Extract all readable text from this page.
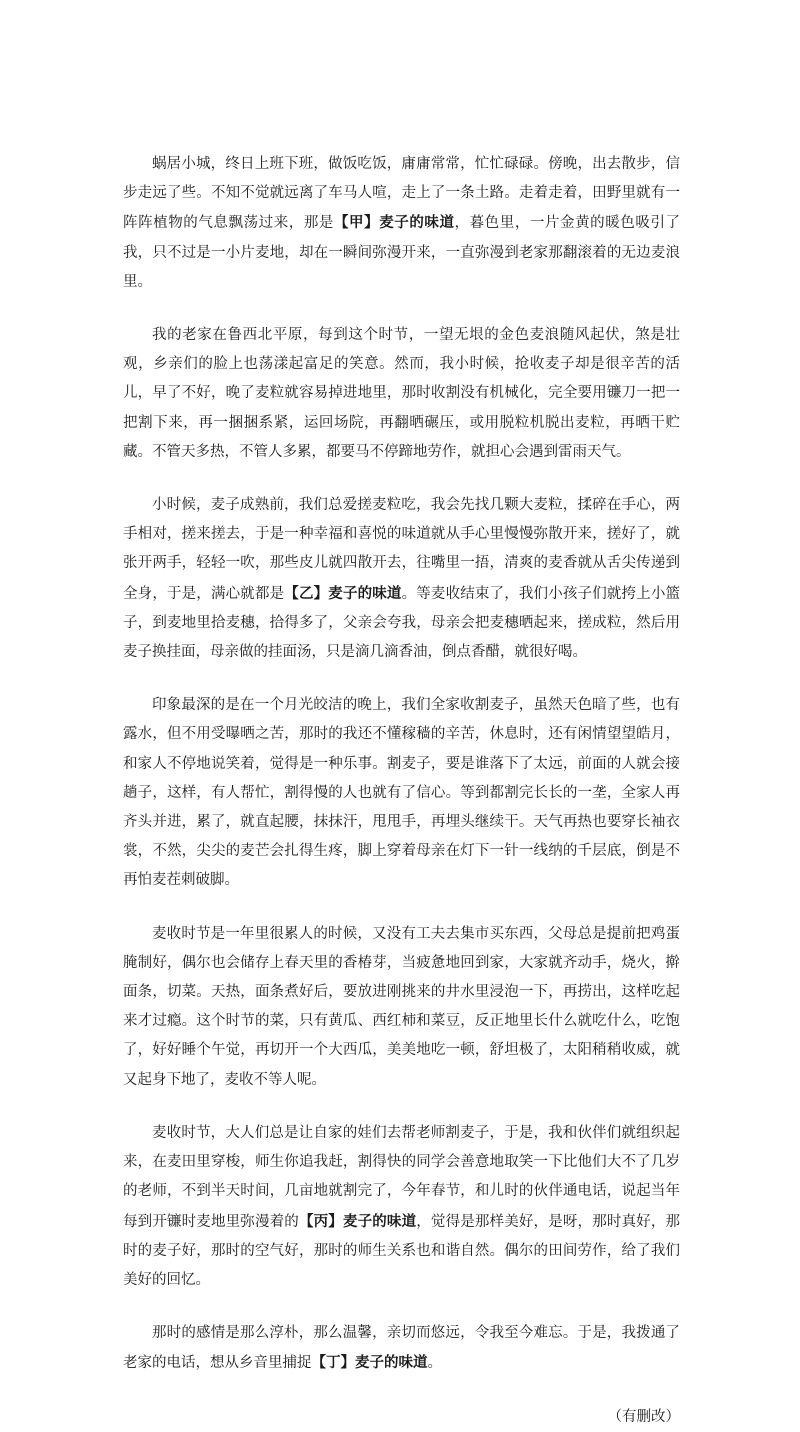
蜗居小城，终日上班下班，做饭吃饭，庸庸常常，忙忙碌碌。傍晚，出去散步，信步走远了些。不知不觉就远离了车马人喧，走上了一条土路。走着走着，田野里就有一阵阵植物的气息飘荡过来，那是【甲】麦子的味道，暮色里，一片金黄的暖色吸引了我，只不过是一小片麦地，却在一瞬间弥漫开来，一直弥漫到老家那翻滚着的无边麦浪里。

我的老家在鲁西北平原，每到这个时节，一望无垠的金色麦浪随风起伏，煞是壮观，乡亲们的脸上也荡漾起富足的笑意。然而，我小时候，抢收麦子却是很辛苦的活儿，早了不好，晚了麦粒就容易掉进地里，那时收割没有机械化，完全要用镰刀一把一把割下来，再一捆捆系紧，运回场院，再翻晒碾压，或用脱粒机脱出麦粒，再晒干贮藏。不管天多热，不管人多累，都要马不停蹄地劳作，就担心会遇到雷雨天气。

小时候，麦子成熟前，我们总爱搓麦粒吃，我会先找几颗大麦粒，揉碎在手心，两手相对，搓来搓去，于是一种幸福和喜悦的味道就从手心里慢慢弥散开来，搓好了，就张开两手，轻轻一吹，那些皮儿就四散开去，往嘴里一捂，清爽的麦香就从舌尖传递到全身，于是，满心就都是【乙】麦子的味道。等麦收结束了，我们小孩子们就挎上小篮子，到麦地里拾麦穗，拾得多了，父亲会夸我，母亲会把麦穗晒起来，搓成粒，然后用麦子换挂面，母亲做的挂面汤，只是滴几滴香油，倒点香醋，就很好喝。

印象最深的是在一个月光皎洁的晚上，我们全家收割麦子，虽然天色暗了些，也有露水，但不用受曝晒之苦，那时的我还不懂稼穑的辛苦，休息时，还有闲情望望皓月，和家人不停地说笑着，觉得是一种乐事。割麦子，要是谁落下了太远，前面的人就会接趟子，这样，有人帮忙，割得慢的人也就有了信心。等到都割完长长的一垄，全家人再齐头并进，累了，就直起腰，抹抹汗，甩甩手，再埋头继续干。天气再热也要穿长袖衣裳，不然，尖尖的麦芒会扎得生疼，脚上穿着母亲在灯下一针一线纳的千层底，倒是不再怕麦茬刺破脚。

麦收时节是一年里很累人的时候，又没有工夫去集市买东西，父母总是提前把鸡蛋腌制好，偶尔也会储存上春天里的香椿芽，当疲惫地回到家，大家就齐动手，烧火，擀面条，切菜。天热，面条煮好后，要放进刚挑来的井水里浸泡一下，再捞出，这样吃起来才过瘾。这个时节的菜，只有黄瓜、西红柿和菜豆，反正地里长什么就吃什么，吃饱了，好好睡个午觉，再切开一个大西瓜，美美地吃一顿，舒坦极了，太阳稍稍收威，就又起身下地了，麦收不等人呢。

麦收时节，大人们总是让自家的娃们去帮老师割麦子，于是，我和伙伴们就组织起来，在麦田里穿梭，师生你追我赶，割得快的同学会善意地取笑一下比他们大不了几岁的老师，不到半天时间，几亩地就割完了，今年春节，和儿时的伙伴通电话，说起当年每到开镰时麦地里弥漫着的【丙】麦子的味道，觉得是那样美好，是呀，那时真好，那时的麦子好，那时的空气好，那时的师生关系也和谐自然。偶尔的田间劳作，给了我们美好的回忆。

那时的感情是那么淳朴，那么温馨，亲切而悠远，令我至今难忘。于是，我拨通了老家的电话，想从乡音里捕捉【丁】麦子的味道。

（有删改）
